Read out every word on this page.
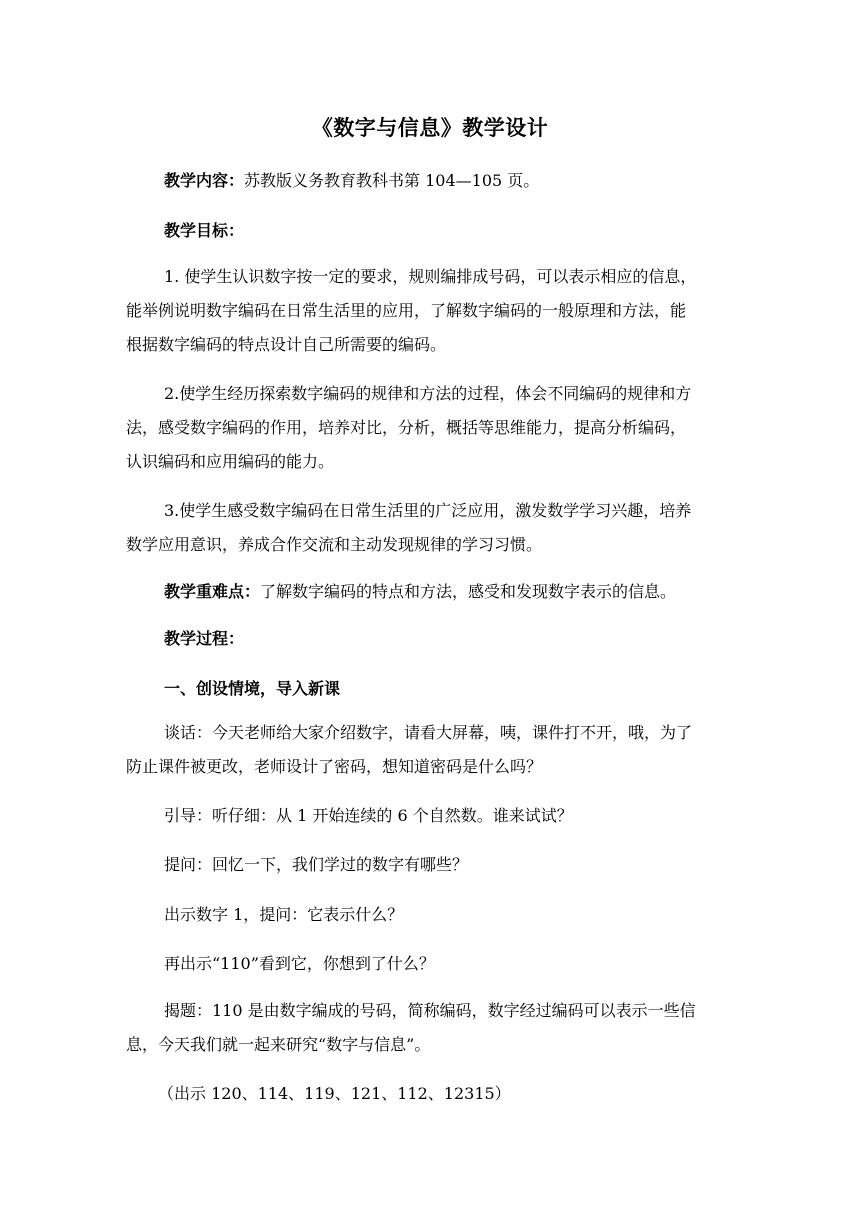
《数字与信息》教学设计
教学内容：苏教版义务教育教科书第 104—105 页。
教学目标：
1. 使学生认识数字按一定的要求，规则编排成号码，可以表示相应的信息，
能举例说明数字编码在日常生活里的应用，了解数字编码的一般原理和方法，能
根据数字编码的特点设计自己所需要的编码。
2.使学生经历探索数字编码的规律和方法的过程，体会不同编码的规律和方
法，感受数字编码的作用，培养对比，分析，概括等思维能力，提高分析编码，
认识编码和应用编码的能力。
3.使学生感受数字编码在日常生活里的广泛应用，激发数学学习兴趣，培养
数学应用意识，养成合作交流和主动发现规律的学习习惯。
教学重难点：了解数字编码的特点和方法，感受和发现数字表示的信息。
教学过程：
一、创设情境，导入新课
谈话：今天老师给大家介绍数字，请看大屏幕，咦，课件打不开，哦，为了
防止课件被更改，老师设计了密码，想知道密码是什么吗？
引导：听仔细：从 1 开始连续的 6 个自然数。谁来试试？
提问：回忆一下，我们学过的数字有哪些？
出示数字 1，提问：它表示什么？
再出示“110”看到它，你想到了什么？
揭题：110 是由数字编成的号码，简称编码，数字经过编码可以表示一些信
息，今天我们就一起来研究“数字与信息”。
（出示 120、114、119、121、112、12315）
